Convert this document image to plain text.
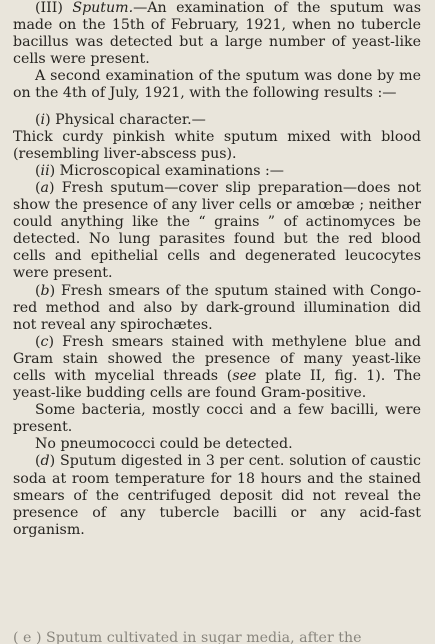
(III) Sputum.—An examination of the sputum was made on the 15th of February, 1921, when no tubercle bacillus was detected but a large number of yeast-like cells were present.

A second examination of the sputum was done by me on the 4th of July, 1921, with the following results :—

(i) Physical character.—

Thick curdy pinkish white sputum mixed with blood (resembling liver-abscess pus).

(ii) Microscopical examinations :—

(a) Fresh sputum—cover slip preparation—does not show the presence of any liver cells or amœbæ ; neither could anything like the “ grains ” of actinomyces be detected. No lung parasites found but the red blood cells and epithelial cells and degenerated leucocytes were present.

(b) Fresh smears of the sputum stained with Congo-red method and also by dark-ground illumination did not reveal any spirochætes.

(c) Fresh smears stained with methylene blue and Gram stain showed the presence of many yeast-like cells with mycelial threads (see plate II, fig. 1). The yeast-like budding cells are found Gram-positive.

Some bacteria, mostly cocci and a few bacilli, were present.

No pneumococci could be detected.

(d) Sputum digested in 3 per cent. solution of caustic soda at room temperature for 18 hours and the stained smears of the centrifuged deposit did not reveal the presence of any tubercle bacilli or any acid-fast organism.

( e ) Sputum cultivated in sugar media, after the
